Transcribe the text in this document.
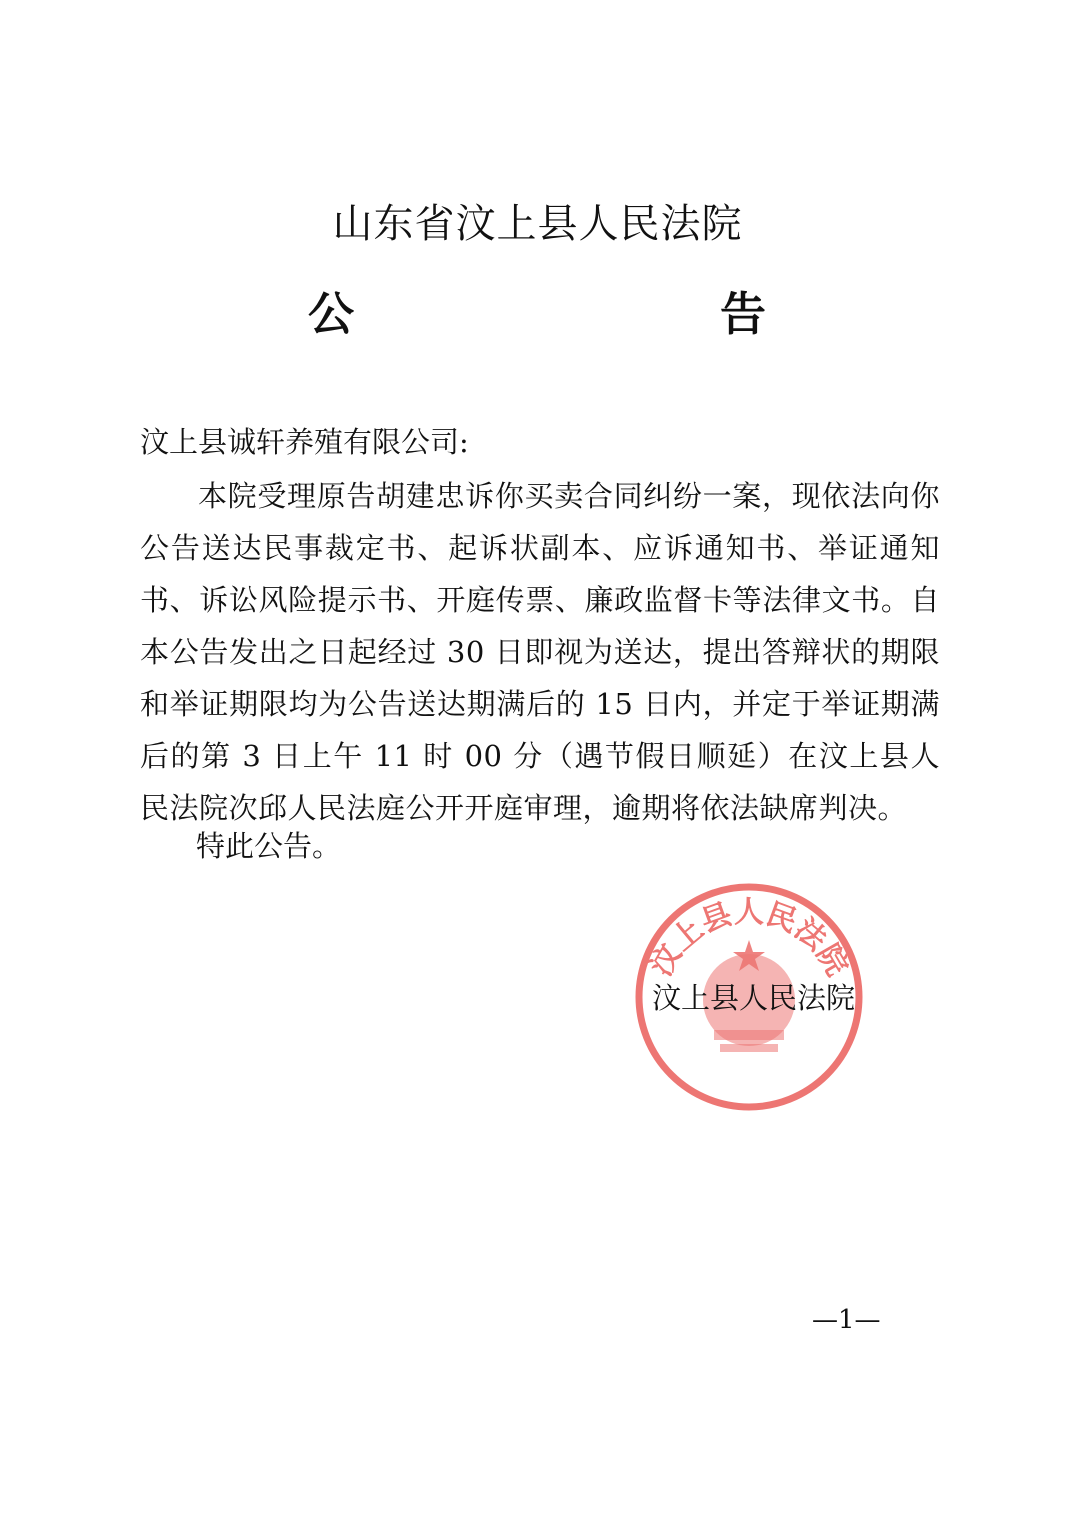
山东省汶上县人民法院
公	告
汶上县诚轩养殖有限公司:
本院受理原告胡建忠诉你买卖合同纠纷一案，现依法向你公告送达民事裁定书、起诉状副本、应诉通知书、举证通知书、诉讼风险提示书、开庭传票、廉政监督卡等法律文书。自本公告发出之日起经过 30 日即视为送达，提出答辩状的期限和举证期限均为公告送达期满后的 15 日内，并定于举证期满后的第 3 日上午 11 时 00 分（遇节假日顺延）在汶上县人民法院次邱人民法庭公开开庭审理，逾期将依法缺席判决。
特此公告。
汶上县人民法院
汶上县人民法院
—1—
